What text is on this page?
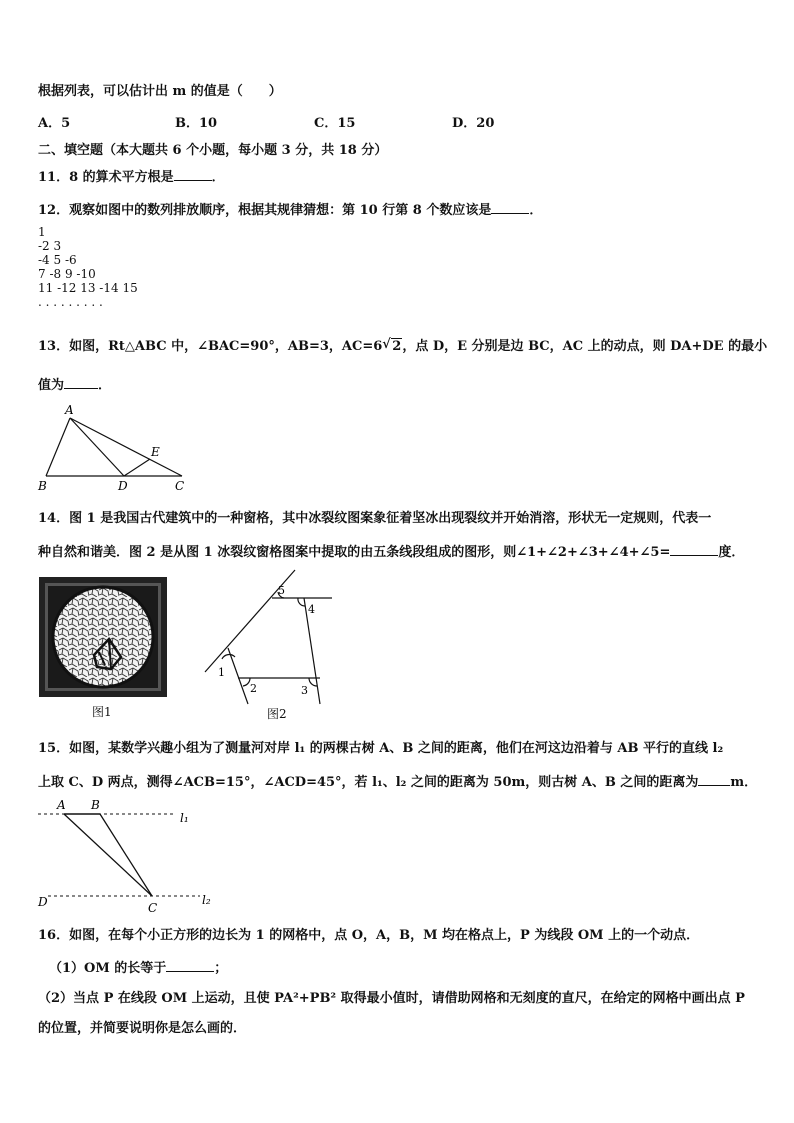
根据列表，可以估计出 m 的值是（　　）
A．5	B．10	C．15	D．20
二、填空题（本大题共 6 个小题，每小题 3 分，共 18 分）
11．8 的算术平方根是	．
12．观察如图中的数列排放顺序，根据其规律猜想：第 10 行第 8 个数应该是	．
1
-2 3
-4 5 -6
7 -8 9 -10
11 -12 13 -14 15
. . . . . . . . .
13．如图，Rt△ABC 中，∠BAC=90°，AB=3，AC=6√ 2，点 D，E 分别是边 BC，AC 上的动点，则 DA+DE 的最小
值为	．
A
B	C
D
E
14．图 1 是我国古代建筑中的一种窗格，其中冰裂纹图案象征着坚冰出现裂纹并开始消溶，形状无一定规则，代表一
种自然和谐美．图 2 是从图 1 冰裂纹窗格图案中提取的由五条线段组成的图形，则∠1+∠2+∠3+∠4+∠5=	度．
图1
1
2	3
4
5
图2
15．如图，某数学兴趣小组为了测量河对岸 l₁ 的两棵古树 A、B 之间的距离，他们在河这边沿着与 AB 平行的直线 l₂
上取 C、D 两点，测得∠ACB=15°，∠ACD=45°，若 l₁、l₂ 之间的距离为 50m，则古树 A、B 之间的距离为 m．
A B
C
D
l₁
l₂
16．如图，在每个小正方形的边长为 1 的网格中，点 O，A，B，M 均在格点上，P 为线段 OM 上的一个动点．
（1）OM 的长等于	；
（2）当点 P 在线段 OM 上运动，且使 PA²+PB² 取得最小值时，请借助网格和无刻度的直尺，在给定的网格中画出点 P
的位置，并简要说明你是怎么画的．
